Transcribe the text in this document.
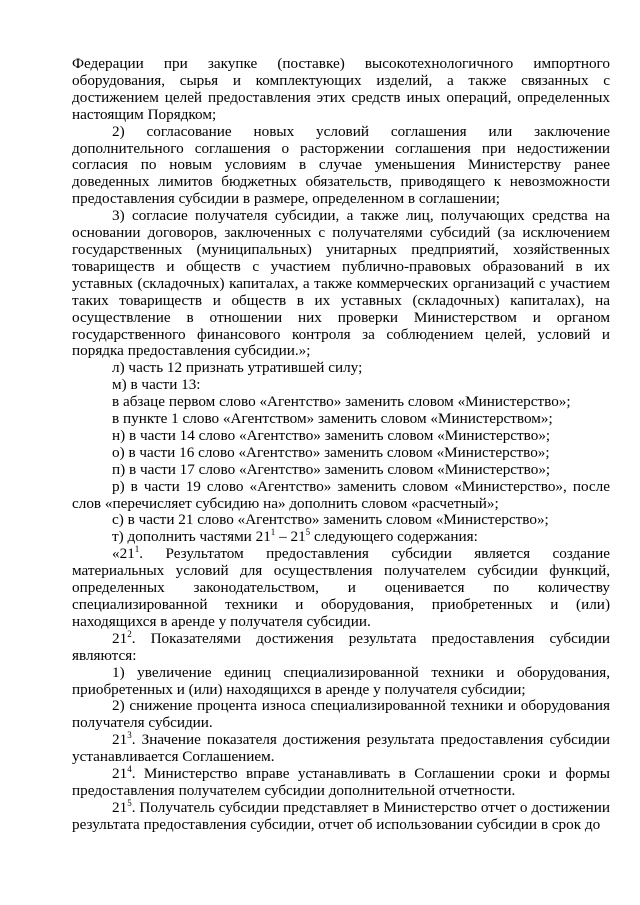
Федерации при закупке (поставке) высокотехнологичного импортного оборудования, сырья и комплектующих изделий, а также связанных с достижением целей предоставления этих средств иных операций, определенных настоящим Порядком;

2) согласование новых условий соглашения или заключение дополнительного соглашения о расторжении соглашения при недостижении согласия по новым условиям в случае уменьшения Министерству ранее доведенных лимитов бюджетных обязательств, приводящего к невозможности предоставления субсидии в размере, определенном в соглашении;

3) согласие получателя субсидии, а также лиц, получающих средства на основании договоров, заключенных с получателями субсидий (за исключением государственных (муниципальных) унитарных предприятий, хозяйственных товариществ и обществ с участием публично-правовых образований в их уставных (складочных) капиталах, а также коммерческих организаций с участием таких товариществ и обществ в их уставных (складочных) капиталах), на осуществление в отношении них проверки Министерством и органом государственного финансового контроля за соблюдением целей, условий и порядка предоставления субсидии.»;

л) часть 12 признать утратившей силу;

м) в части 13:

в абзаце первом слово «Агентство» заменить словом «Министерство»;

в пункте 1 слово «Агентством» заменить словом «Министерством»;

н) в части 14 слово «Агентство» заменить словом «Министерство»;

о) в части 16 слово «Агентство» заменить словом «Министерство»;

п) в части 17 слово «Агентство» заменить словом «Министерство»;

р) в части 19 слово «Агентство» заменить словом «Министерство», после слов «перечисляет субсидию на» дополнить словом «расчетный»;

с) в части 21 слово «Агентство» заменить словом «Министерство»;

т) дополнить частями $21^1 - 21^5$ следующего содержания:

«$21^1$. Результатом предоставления субсидии является создание материальных условий для осуществления получателем субсидии функций, определенных законодательством, и оценивается по количеству специализированной техники и оборудования, приобретенных и (или) находящихся в аренде у получателя субсидии.

$21^2$. Показателями достижения результата предоставления субсидии являются:

1) увеличение единиц специализированной техники и оборудования, приобретенных и (или) находящихся в аренде у получателя субсидии;

2) снижение процента износа специализированной техники и оборудования получателя субсидии.

$21^3$. Значение показателя достижения результата предоставления субсидии устанавливается Соглашением.

$21^4$. Министерство вправе устанавливать в Соглашении сроки и формы предоставления получателем субсидии дополнительной отчетности.

$21^5$. Получатель субсидии представляет в Министерство отчет о достижении результата предоставления субсидии, отчет об использовании субсидии в срок до
